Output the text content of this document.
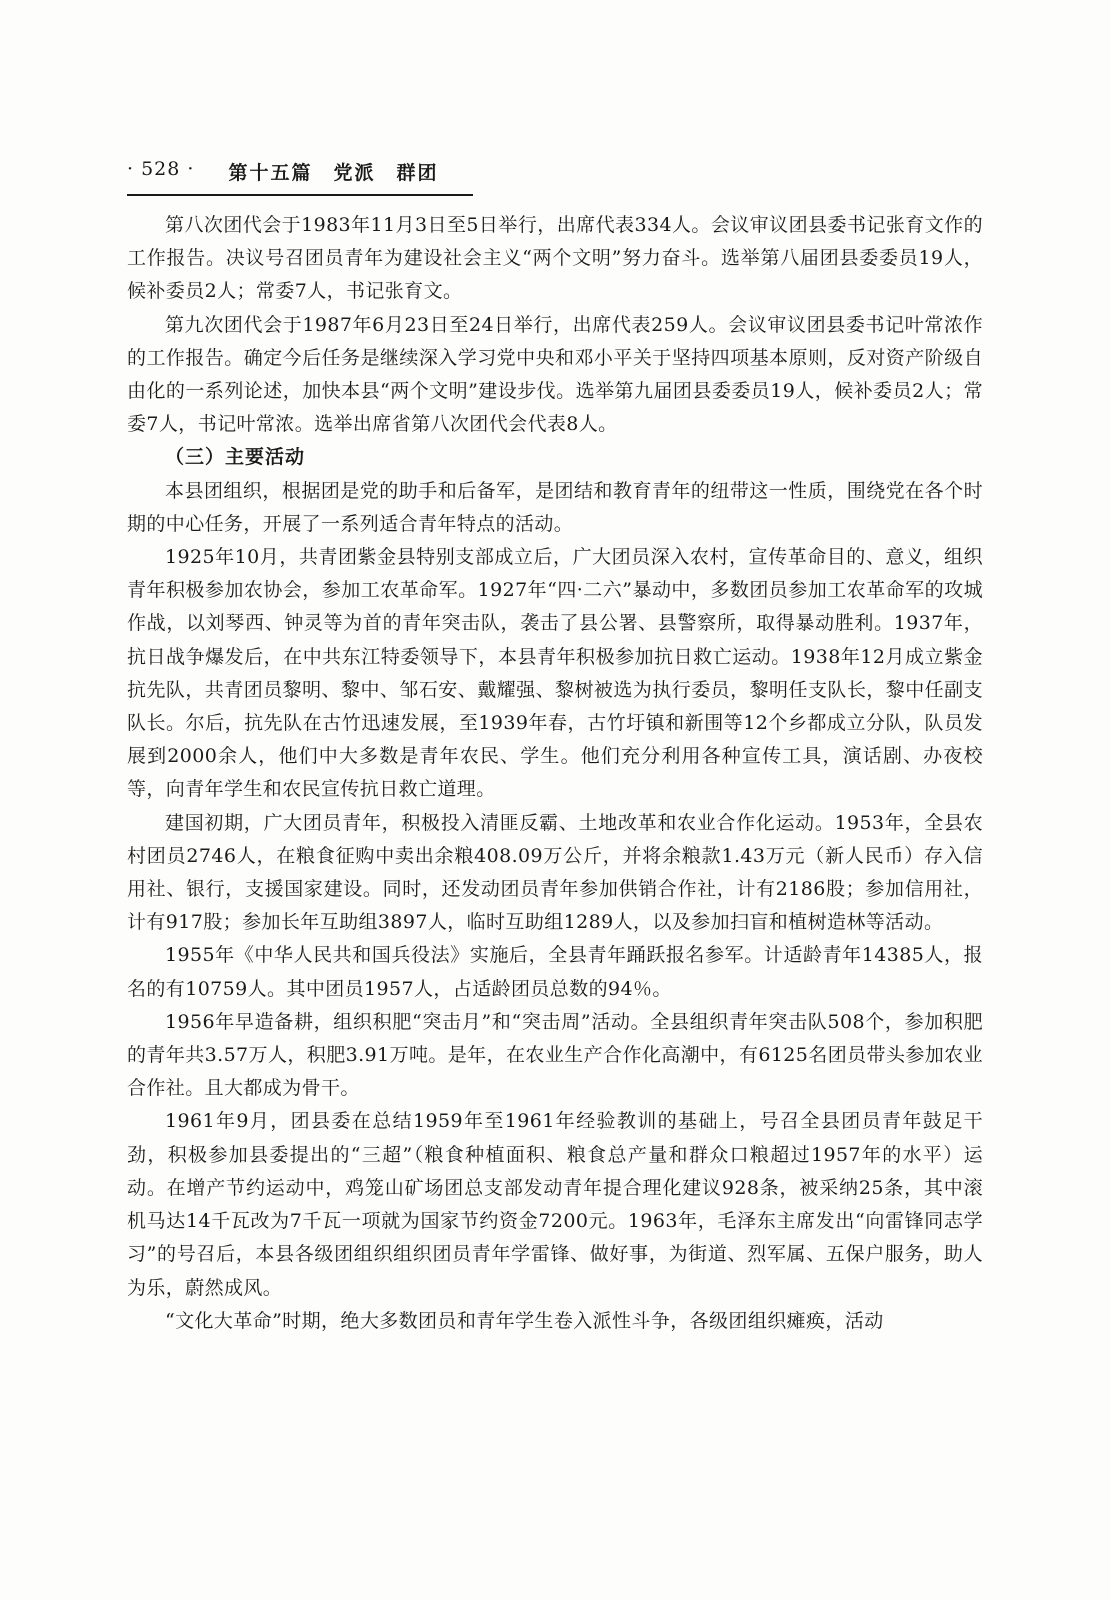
· 528 · 第十五篇　党派　群团

第八次团代会于1983年11月3日至5日举行，出席代表334人。会议审议团县委书记张育文作的工作报告。决议号召团员青年为建设社会主义“两个文明”努力奋斗。选举第八届团县委委员19人，候补委员2人；常委7人，书记张育文。

第九次团代会于1987年6月23日至24日举行，出席代表259人。会议审议团县委书记叶常浓作的工作报告。确定今后任务是继续深入学习党中央和邓小平关于坚持四项基本原则，反对资产阶级自由化的一系列论述，加快本县“两个文明”建设步伐。选举第九届团县委委员19人，候补委员2人；常委7人，书记叶常浓。选举出席省第八次团代会代表8人。

（三）主要活动

本县团组织，根据团是党的助手和后备军，是团结和教育青年的纽带这一性质，围绕党在各个时期的中心任务，开展了一系列适合青年特点的活动。

1925年10月，共青团紫金县特别支部成立后，广大团员深入农村，宣传革命目的、意义，组织青年积极参加农协会，参加工农革命军。1927年“四·二六”暴动中，多数团员参加工农革命军的攻城作战，以刘琴西、钟灵等为首的青年突击队，袭击了县公署、县警察所，取得暴动胜利。1937年，抗日战争爆发后，在中共东江特委领导下，本县青年积极参加抗日救亡运动。1938年12月成立紫金抗先队，共青团员黎明、黎中、邹石安、戴耀强、黎树被选为执行委员，黎明任支队长，黎中任副支队长。尔后，抗先队在古竹迅速发展，至1939年春，古竹圩镇和新围等12个乡都成立分队，队员发展到2000余人，他们中大多数是青年农民、学生。他们充分利用各种宣传工具，演话剧、办夜校等，向青年学生和农民宣传抗日救亡道理。

建国初期，广大团员青年，积极投入清匪反霸、土地改革和农业合作化运动。1953年，全县农村团员2746人，在粮食征购中卖出余粮408.09万公斤，并将余粮款1.43万元（新人民币）存入信用社、银行，支援国家建设。同时，还发动团员青年参加供销合作社，计有2186股；参加信用社，计有917股；参加长年互助组3897人，临时互助组1289人，以及参加扫盲和植树造林等活动。

1955年《中华人民共和国兵役法》实施后，全县青年踊跃报名参军。计适龄青年14385人，报名的有10759人。其中团员1957人，占适龄团员总数的94％。

1956年早造备耕，组织积肥“突击月”和“突击周”活动。全县组织青年突击队508个，参加积肥的青年共3.57万人，积肥3.91万吨。是年，在农业生产合作化高潮中，有6125名团员带头参加农业合作社。且大都成为骨干。

1961年9月，团县委在总结1959年至1961年经验教训的基础上，号召全县团员青年鼓足干劲，积极参加县委提出的“三超”（粮食种植面积、粮食总产量和群众口粮超过1957年的水平）运动。在增产节约运动中，鸡笼山矿场团总支部发动青年提合理化建议928条，被采纳25条，其中滚机马达14千瓦改为7千瓦一项就为国家节约资金7200元。1963年，毛泽东主席发出“向雷锋同志学习”的号召后，本县各级团组织组织团员青年学雷锋、做好事，为街道、烈军属、五保户服务，助人为乐，蔚然成风。

“文化大革命”时期，绝大多数团员和青年学生卷入派性斗争，各级团组织瘫痪，活动
